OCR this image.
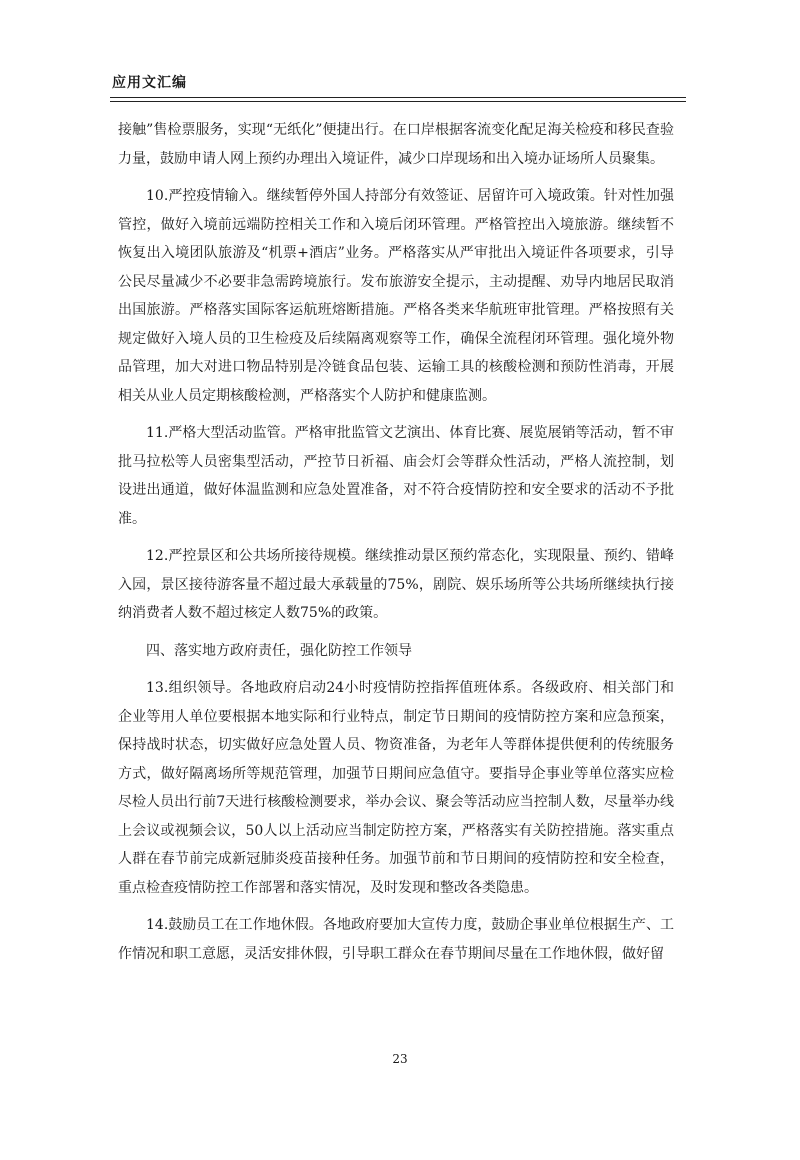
应用文汇编

接触”售检票服务，实现“无纸化”便捷出行。在口岸根据客流变化配足海关检疫和移民查验力量，鼓励申请人网上预约办理出入境证件，减少口岸现场和出入境办证场所人员聚集。

10.严控疫情输入。继续暂停外国人持部分有效签证、居留许可入境政策。针对性加强管控，做好入境前远端防控相关工作和入境后闭环管理。严格管控出入境旅游。继续暂不恢复出入境团队旅游及“机票+酒店”业务。严格落实从严审批出入境证件各项要求，引导公民尽量减少不必要非急需跨境旅行。发布旅游安全提示，主动提醒、劝导内地居民取消出国旅游。严格落实国际客运航班熔断措施。严格各类来华航班审批管理。严格按照有关规定做好入境人员的卫生检疫及后续隔离观察等工作，确保全流程闭环管理。强化境外物品管理，加大对进口物品特别是冷链食品包装、运输工具的核酸检测和预防性消毒，开展相关从业人员定期核酸检测，严格落实个人防护和健康监测。

11.严格大型活动监管。严格审批监管文艺演出、体育比赛、展览展销等活动，暂不审批马拉松等人员密集型活动，严控节日祈福、庙会灯会等群众性活动，严格人流控制，划设进出通道，做好体温监测和应急处置准备，对不符合疫情防控和安全要求的活动不予批准。

12.严控景区和公共场所接待规模。继续推动景区预约常态化，实现限量、预约、错峰入园，景区接待游客量不超过最大承载量的75%，剧院、娱乐场所等公共场所继续执行接纳消费者人数不超过核定人数75%的政策。

四、落实地方政府责任，强化防控工作领导

13.组织领导。各地政府启动24小时疫情防控指挥值班体系。各级政府、相关部门和企业等用人单位要根据本地实际和行业特点，制定节日期间的疫情防控方案和应急预案，保持战时状态，切实做好应急处置人员、物资准备，为老年人等群体提供便利的传统服务方式，做好隔离场所等规范管理，加强节日期间应急值守。要指导企事业等单位落实应检尽检人员出行前7天进行核酸检测要求，举办会议、聚会等活动应当控制人数，尽量举办线上会议或视频会议，50人以上活动应当制定防控方案，严格落实有关防控措施。落实重点人群在春节前完成新冠肺炎疫苗接种任务。加强节前和节日期间的疫情防控和安全检查，重点检查疫情防控工作部署和落实情况，及时发现和整改各类隐患。

14.鼓励员工在工作地休假。各地政府要加大宣传力度，鼓励企事业单位根据生产、工作情况和职工意愿，灵活安排休假，引导职工群众在春节期间尽量在工作地休假，做好留

23
